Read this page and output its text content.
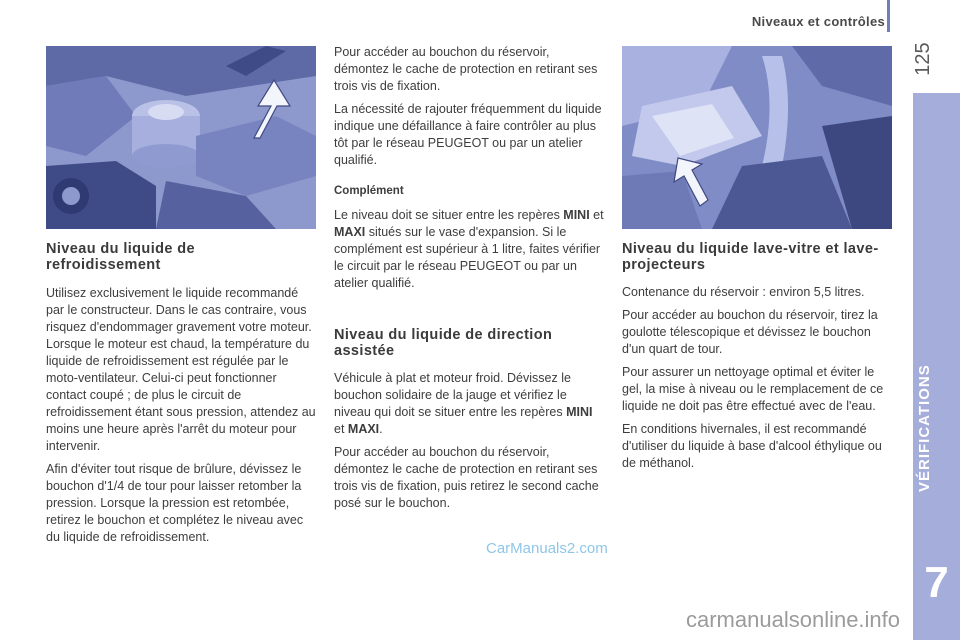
Niveaux et contrôles
125
VÉRIFICATIONS
7
Niveau du liquide de refroidissement

Utilisez exclusivement le liquide recommandé par le constructeur. Dans le cas contraire, vous risquez d'endommager gravement votre moteur. Lorsque le moteur est chaud, la température du liquide de refroidissement est régulée par le moto-ventilateur. Celui-ci peut fonctionner contact coupé ; de plus le circuit de refroidissement étant sous pression, attendez au moins une heure après l'arrêt du moteur pour intervenir.

Afin d'éviter tout risque de brûlure, dévissez le bouchon d'1/4 de tour pour laisser retomber la pression. Lorsque la pression est retombée, retirez le bouchon et complétez le niveau avec du liquide de refroidissement.

Pour accéder au bouchon du réservoir, démontez le cache de protection en retirant ses trois vis de fixation.

La nécessité de rajouter fréquemment du liquide indique une défaillance à faire contrôler au plus tôt par le réseau PEUGEOT ou par un atelier qualifié.

Complément

Le niveau doit se situer entre les repères MINI et MAXI situés sur le vase d'expansion. Si le complément est supérieur à 1 litre, faites vérifier le circuit par le réseau PEUGEOT ou par un atelier qualifié.

Niveau du liquide de direction assistée

Véhicule à plat et moteur froid. Dévissez le bouchon solidaire de la jauge et vérifiez le niveau qui doit se situer entre les repères MINI et MAXI.

Pour accéder au bouchon du réservoir, démontez le cache de protection en retirant ses trois vis de fixation, puis retirez le second cache posé sur le bouchon.

Niveau du liquide lave-vitre et lave-projecteurs

Contenance du réservoir : environ 5,5 litres.

Pour accéder au bouchon du réservoir, tirez la goulotte télescopique et dévissez le bouchon d'un quart de tour.

Pour assurer un nettoyage optimal et éviter le gel, la mise à niveau ou le remplacement de ce liquide ne doit pas être effectué avec de l'eau.

En conditions hivernales, il est recommandé d'utiliser du liquide à base d'alcool éthylique ou de méthanol.

CarManuals2.com
carmanualsonline.info
